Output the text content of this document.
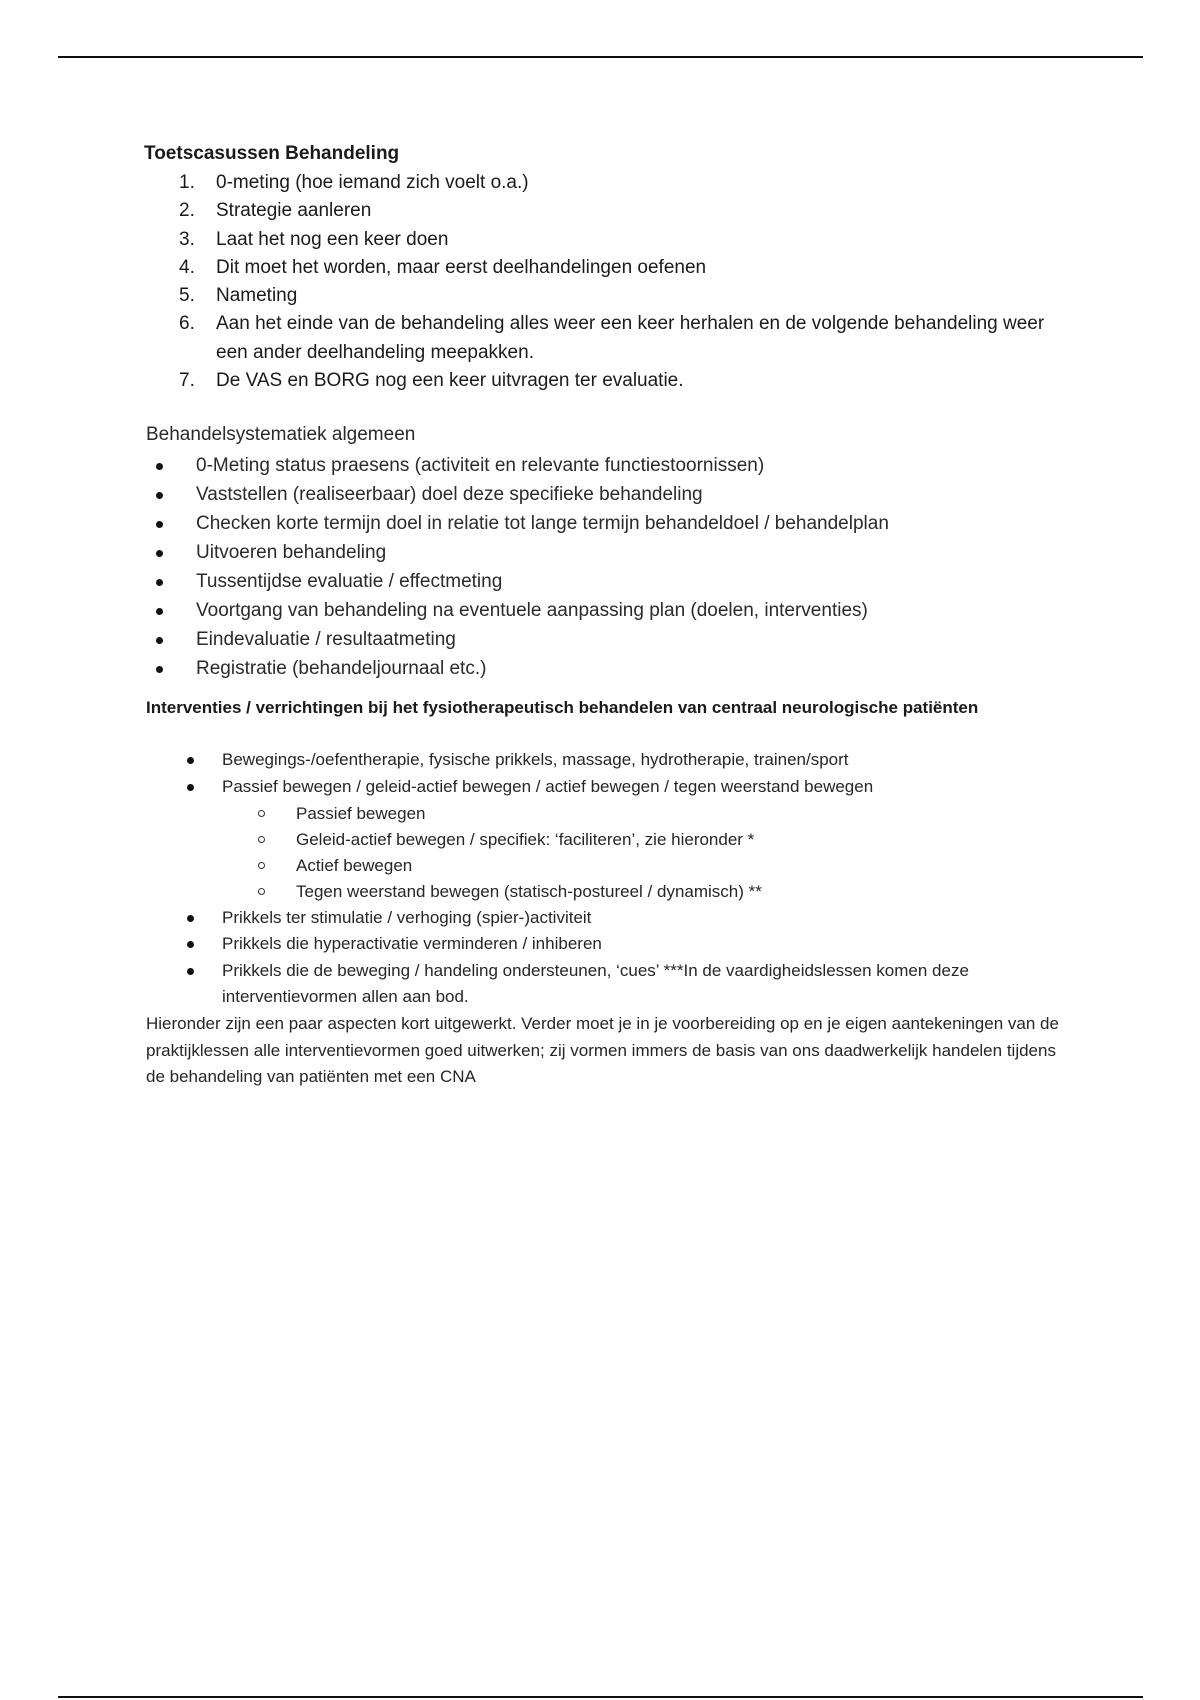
Toetscasussen Behandeling
1.	0-meting (hoe iemand zich voelt o.a.)
2.	Strategie aanleren
3.	Laat het nog een keer doen
4.	Dit moet het worden, maar eerst deelhandelingen oefenen
5.	Nameting
6.	Aan het einde van de behandeling alles weer een keer herhalen en de volgende behandeling weer een ander deelhandeling meepakken.
7.	De VAS en BORG nog een keer uitvragen ter evaluatie.
Behandelsystematiek algemeen
0-Meting status praesens (activiteit en relevante functiestoornissen)
Vaststellen (realiseerbaar) doel deze specifieke behandeling
Checken korte termijn doel in relatie tot lange termijn behandeldoel / behandelplan
Uitvoeren behandeling
Tussentijdse evaluatie / effectmeting
Voortgang van behandeling na eventuele aanpassing plan (doelen, interventies)
Eindevaluatie / resultaatmeting
Registratie (behandeljournaal etc.)
Interventies / verrichtingen bij het fysiotherapeutisch behandelen van centraal neurologische patiënten
Bewegings-/oefentherapie, fysische prikkels, massage, hydrotherapie, trainen/sport
Passief bewegen / geleid-actief bewegen / actief bewegen / tegen weerstand bewegen
Passief bewegen
Geleid-actief bewegen / specifiek: ‘faciliteren’, zie hieronder *
Actief bewegen
Tegen weerstand bewegen (statisch-postureel / dynamisch) **
Prikkels ter stimulatie / verhoging (spier-)activiteit
Prikkels die hyperactivatie verminderen / inhiberen
Prikkels die de beweging / handeling ondersteunen, ‘cues’ ***In de vaardigheidslessen komen deze interventievormen allen aan bod.

Hieronder zijn een paar aspecten kort uitgewerkt. Verder moet je in je voorbereiding op en je eigen aantekeningen van de praktijklessen alle interventievormen goed uitwerken; zij vormen immers de basis van ons daadwerkelijk handelen tijdens de behandeling van patiënten met een CNA
